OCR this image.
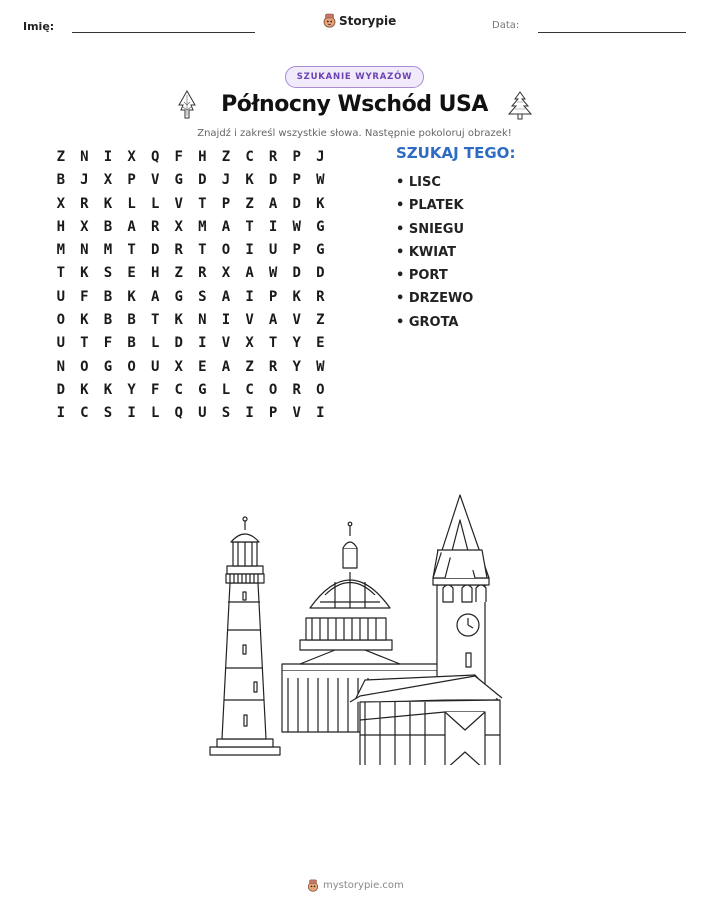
Imię:	Storypie	Data:
SZUKANIE WYRAZÓW
Północny Wschód USA
Znajdź i zakreśl wszystkie słowa. Następnie pokoloruj obrazek!
Z	N	I	X	Q	F	H	Z	C	R	P	J
B	J	X	P	V	G	D	J	K	D	P	W
X	R	K	L	L	V	T	P	Z	A	D	K
H	X	B	A	R	X	M	A	T	I	W	G
M	N	M	T	D	R	T	O	I	U	P	G
T	K	S	E	H	Z	R	X	A	W	D	D
U	F	B	K	A	G	S	A	I	P	K	R
O	K	B	B	T	K	N	I	V	A	V	Z
U	T	F	B	L	D	I	V	X	T	Y	E
N	O	G	O	U	X	E	A	Z	R	Y	W
D	K	K	Y	F	C	G	L	C	O	R	O
I	C	S	I	L	Q	U	S	I	P	V	I
SZUKAJ TEGO:
• LISC
• PLATEK
• SNIEGU
• KWIAT
• PORT
• DRZEWO
• GROTA
mystorypie.com
